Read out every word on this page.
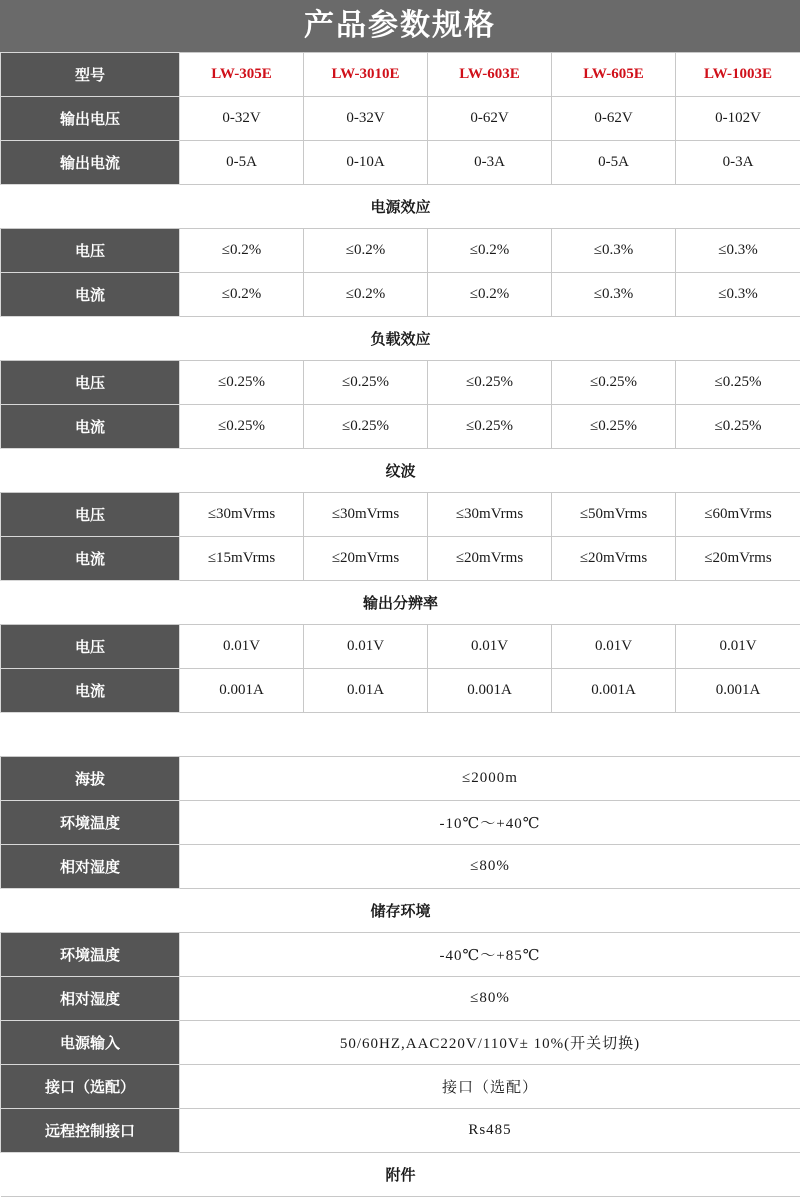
产品参数规格
型号	LW-305E	LW-3010E	LW-603E	LW-605E	LW-1003E
输出电压	0-32V	0-32V	0-62V	0-62V	0-102V
输出电流	0-5A	0-10A	0-3A	0-5A	0-3A
电源效应					
电压	≤0.2%	≤0.2%	≤0.2%	≤0.3%	≤0.3%
电流	≤0.2%	≤0.2%	≤0.2%	≤0.3%	≤0.3%
负载效应					
电压	≤0.25%	≤0.25%	≤0.25%	≤0.25%	≤0.25%
电流	≤0.25%	≤0.25%	≤0.25%	≤0.25%	≤0.25%
纹波					
电压	≤30mVrms	≤30mVrms	≤30mVrms	≤50mVrms	≤60mVrms
电流	≤15mVrms	≤20mVrms	≤20mVrms	≤20mVrms	≤20mVrms
输出分辨率					
电压	0.01V	0.01V	0.01V	0.01V	0.01V
电流	0.001A	0.01A	0.001A	0.001A	0.001A

海拔	≤2000m				
环境温度	-10℃～+40℃				
相对湿度	≤80%				
储存环境					
环境温度	-40℃～+85℃				
相对湿度	≤80%				
电源输入	50/60HZ,AAC220V/110V± 10%(开关切换)				
接口（选配）	接口（选配）				
远程控制接口	Rs485				
附件					
